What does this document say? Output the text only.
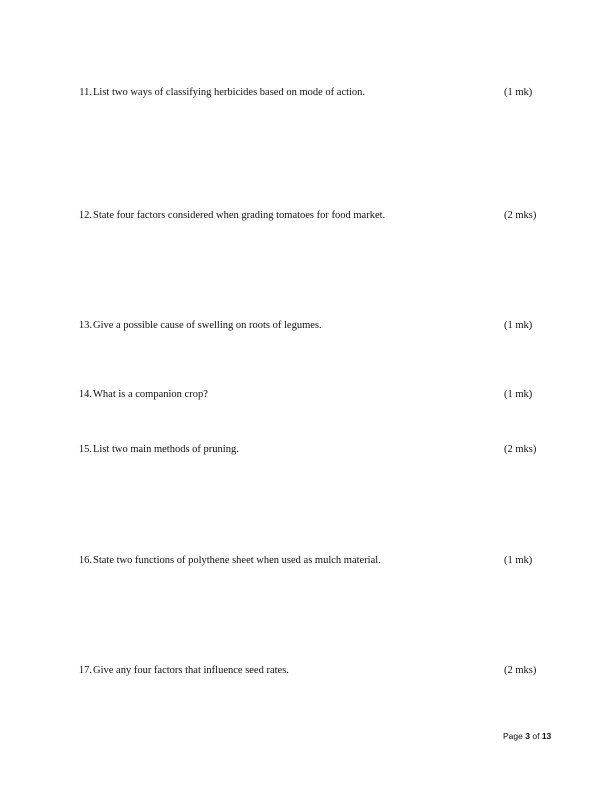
11. List two ways of classifying herbicides based on mode of action.	(1 mk)
12. State four factors considered when grading tomatoes for food market.	(2 mks)
13. Give a possible cause of swelling on roots of legumes.	(1 mk)
14. What is a companion crop?	(1 mk)
15. List two main methods of pruning.	(2 mks)
16. State two functions of polythene sheet when used as mulch material.	(1 mk)
17. Give any four factors that influence seed rates.	(2 mks)
Page 3 of 13
